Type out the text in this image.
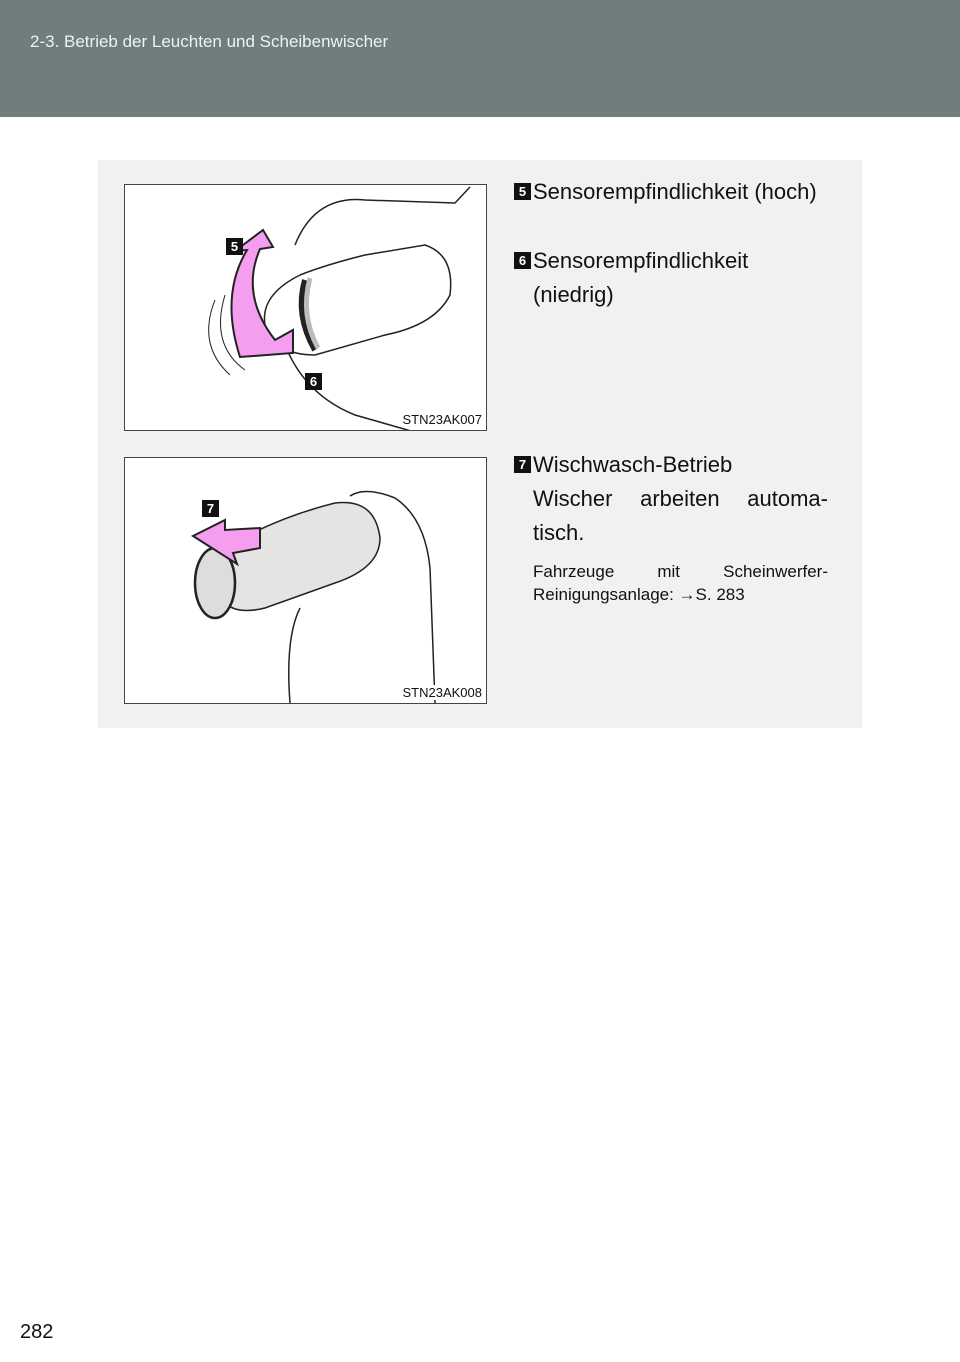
2-3. Betrieb der Leuchten und Scheibenwischer
5
6
STN23AK007
7
STN23AK008
5 Sensorempfindlichkeit (hoch)
6 Sensorempfindlichkeit (niedrig)
7 Wischwasch-Betrieb
Wischer arbeiten automa-tisch.
Fahrzeuge mit Scheinwerfer-Reinigungsanlage: →S. 283
282
